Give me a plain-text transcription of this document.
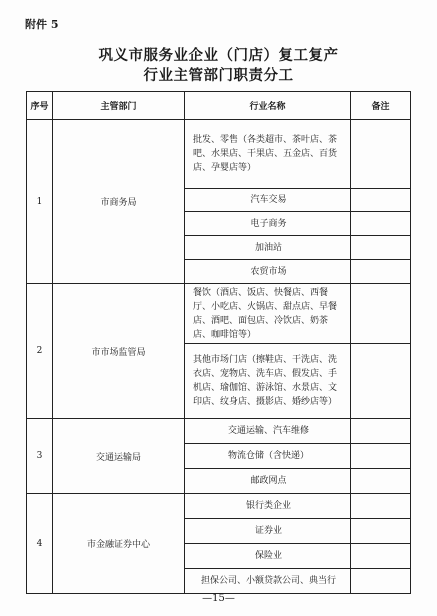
附件 5
巩义市服务业企业（门店）复工复产
行业主管部门职责分工
序号	主管部门	行业名称	备注
1	市商务局	批发、零售（各类超市、茶叶店、茶吧、水果店、干果店、五金店、百货店、孕婴店等）	
		汽车交易	
		电子商务	
		加油站	
		农贸市场	
2	市市场监管局	餐饮（酒店、饭店、快餐店、西餐厅、小吃店、火锅店、甜点店、早餐店、酒吧、面包店、冷饮店、奶茶店、咖啡馆等）	
		其他市场门店（擦鞋店、干洗店、洗衣店、宠物店、洗车店、假发店、手机店、瑜伽馆、游泳馆、水景店、文印店、纹身店、摄影店、婚纱店等）	
3	交通运输局	交通运输、汽车维修	
		物流仓储（含快递）	
		邮政网点	
4	市金融证券中心	银行类企业	
		证券业	
		保险业	
		担保公司、小额贷款公司、典当行	
—15—
